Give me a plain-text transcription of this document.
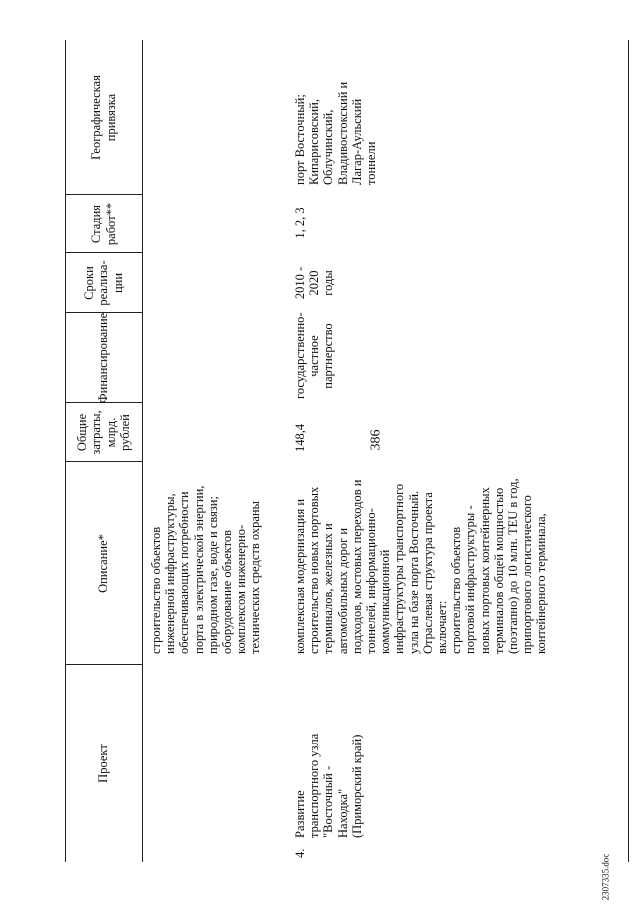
386
2307335.doc
Проект
Описание*
Общие затраты, млрд. рублей
Финансирование
Сроки реализа- ции
Стадия работ**
Географическая привязка
строительство объектов инженерной инфраструктуры, обеспечивающих потребности порта в электрической энергии, природном газе, воде и связи; оборудование объектов комплексом инженерно- технических средств охраны
4.
Развитие транспортного узла "Восточный - Находка" (Приморский край)
комплексная модернизация и строительство новых портовых терминалов, железных и автомобильных дорог и подходов, мостовых переходов и тоннелей, информационно- коммуникационной инфраструктуры транспортного узла на базе порта Восточный. Отраслевая структура проекта включает: строительство объектов портовой инфраструктуры - новых портовых контейнерных терминалов общей мощностью (поэтапно) до 10 млн. TEU в год, припортового логистического контейнерного терминала,
148,4
государственно- частное партнерство
2010 - 2020 годы
1, 2, 3
порт Восточный; Кипарисовский, Облучинский, Владивостокский и Лагар-Аульский тоннели
